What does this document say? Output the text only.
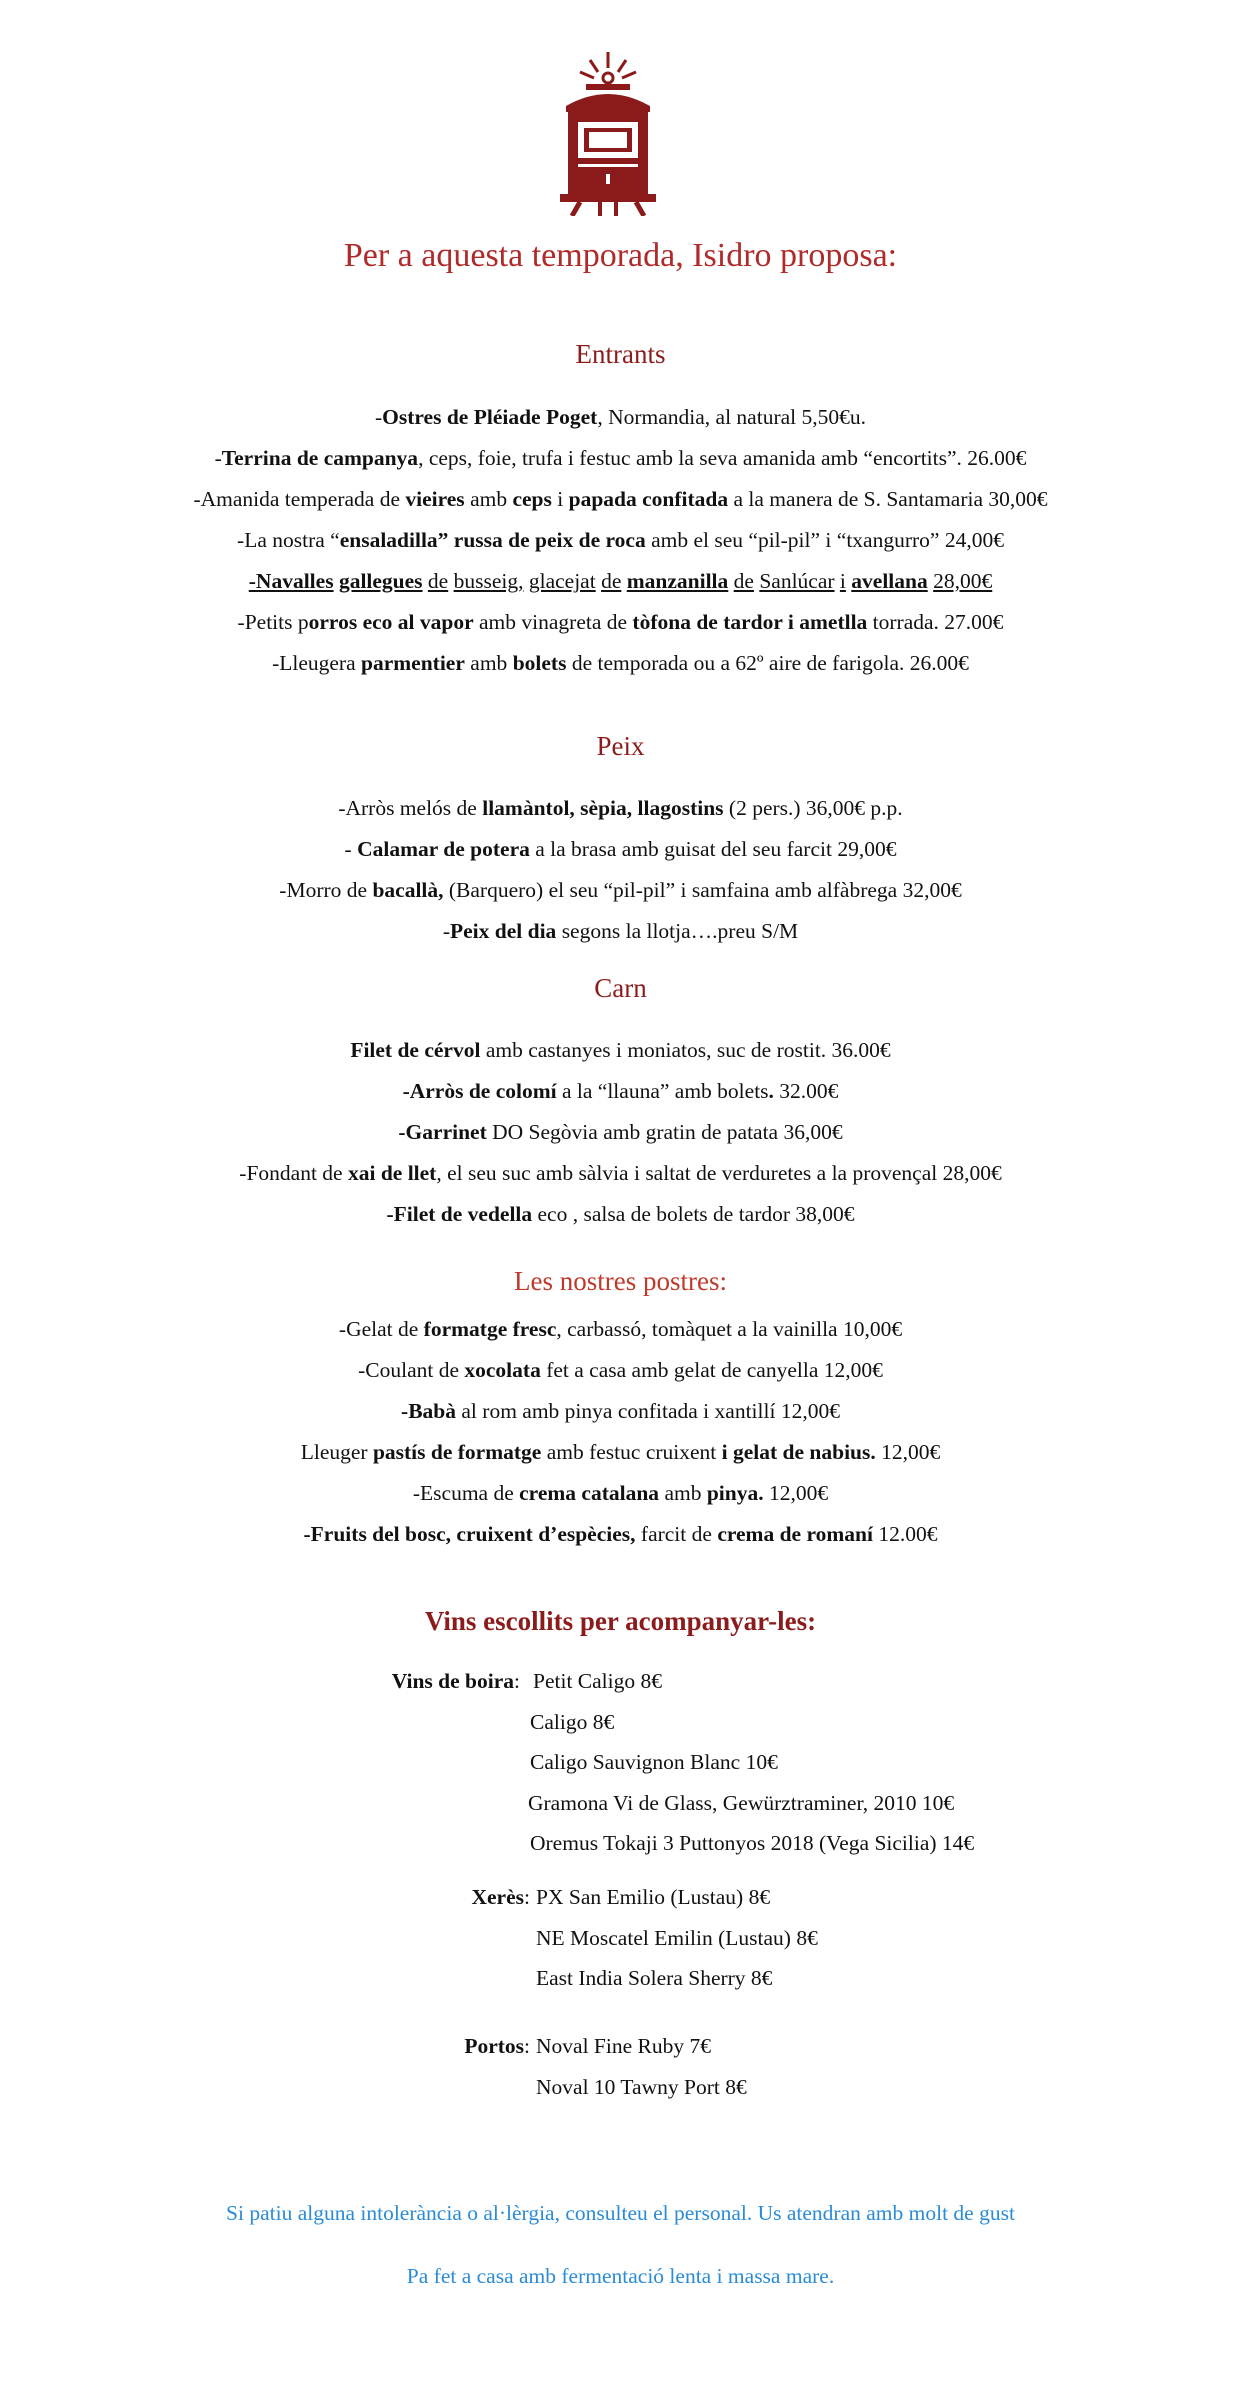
Per a aquesta temporada, Isidro proposa:
Entrants
-Ostres de Pléiade Poget, Normandia, al natural 5,50€u.
-Terrina de campanya, ceps, foie, trufa i festuc amb la seva amanida amb “encortits”. 26.00€
-Amanida temperada de vieires amb ceps i papada confitada a la manera de S. Santamaria 30,00€
-La nostra “ensaladilla” russa de peix de roca amb el seu “pil-pil” i “txangurro” 24,00€
-Navalles gallegues de busseig, glacejat de manzanilla de Sanlúcar i avellana 28,00€
-Petits porros eco al vapor amb vinagreta de tòfona de tardor i ametlla torrada. 27.00€
-Lleugera parmentier amb bolets de temporada ou a 62º aire de farigola. 26.00€
Peix
-Arròs melós de llamàntol, sèpia, llagostins (2 pers.) 36,00€ p.p.
- Calamar de potera a la brasa amb guisat del seu farcit 29,00€
-Morro de bacallà, (Barquero) el seu “pil-pil” i samfaina amb alfàbrega 32,00€
-Peix del dia segons la llotja….preu S/M
Carn
Filet de cérvol amb castanyes i moniatos, suc de rostit. 36.00€
-Arròs de colomí a la “llauna” amb bolets. 32.00€
-Garrinet DO Segòvia amb gratin de patata 36,00€
-Fondant de xai de llet, el seu suc amb sàlvia i saltat de verduretes a la provençal 28,00€
-Filet de vedella eco , salsa de bolets de tardor 38,00€
Les nostres postres:
-Gelat de formatge fresc, carbassó, tomàquet a la vainilla 10,00€
-Coulant de xocolata fet a casa amb gelat de canyella 12,00€
-Babà al rom amb pinya confitada i xantillí 12,00€
Lleuger pastís de formatge amb festuc cruixent i gelat de nabius. 12,00€
-Escuma de crema catalana amb pinya. 12,00€
-Fruits del bosc, cruixent d’espècies, farcit de crema de romaní 12.00€
Vins escollits per acompanyar-les:
Vins de boira: Petit Caligo 8€
Caligo 8€
Caligo Sauvignon Blanc 10€
Gramona Vi de Glass, Gewürztraminer, 2010 10€
Oremus Tokaji 3 Puttonyos 2018 (Vega Sicilia) 14€
Xerès: PX San Emilio (Lustau) 8€
NE Moscatel Emilin (Lustau) 8€
East India Solera Sherry 8€
Portos: Noval Fine Ruby 7€
Noval 10 Tawny Port 8€
Si patiu alguna intolerància o al·lèrgia, consulteu el personal. Us atendran amb molt de gust
Pa fet a casa amb fermentació lenta i massa mare.
